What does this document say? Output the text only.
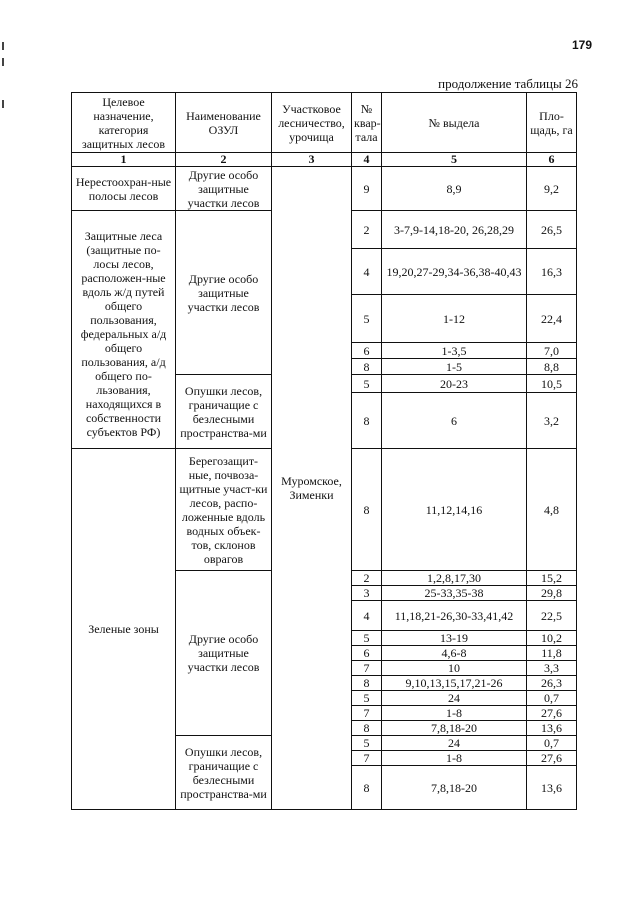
179
продолжение таблицы 26
Целевое назначение, категория защитных лесов	Наименование ОЗУЛ	Участковое лесничество, урочища	№ квар-тала	№ выдела	Пло-щадь, га
1	2	3	4	5	6
Нерестоохран-ные полосы лесов	Другие особо защитные участки лесов	Муромское, Зименки	9	8,9	9,2
Защитные леса (защитные по-лосы лесов, расположен-ные вдоль ж/д путей общего пользования, федеральных а/д общего пользования, а/д общего по-льзования, находящихся в собственности субъектов РФ)	Другие особо защитные участки лесов		2	3-7,9-14,18-20, 26,28,29	26,5
			4	19,20,27-29,34-36,38-40,43	16,3
			5	1-12	22,4
			6	1-3,5	7,0
			8	1-5	8,8
	Опушки лесов, граничащие с безлесными пространства-ми		5	20-23	10,5
			8	6	3,2
Зеленые зоны	Берегозащит-ные, почвоза-щитные участ-ки лесов, распо-ложенные вдоль водных объек-тов, склонов оврагов		8	11,12,14,16	4,8
	Другие особо защитные участки лесов		2	1,2,8,17,30	15,2
			3	25-33,35-38	29,8
			4	11,18,21-26,30-33,41,42	22,5
			5	13-19	10,2
			6	4,6-8	11,8
			7	10	3,3
			8	9,10,13,15,17,21-26	26,3
			5	24	0,7
			7	1-8	27,6
			8	7,8,18-20	13,6
	Опушки лесов, граничащие с безлесными пространства-ми		5	24	0,7
			7	1-8	27,6
			8	7,8,18-20	13,6
